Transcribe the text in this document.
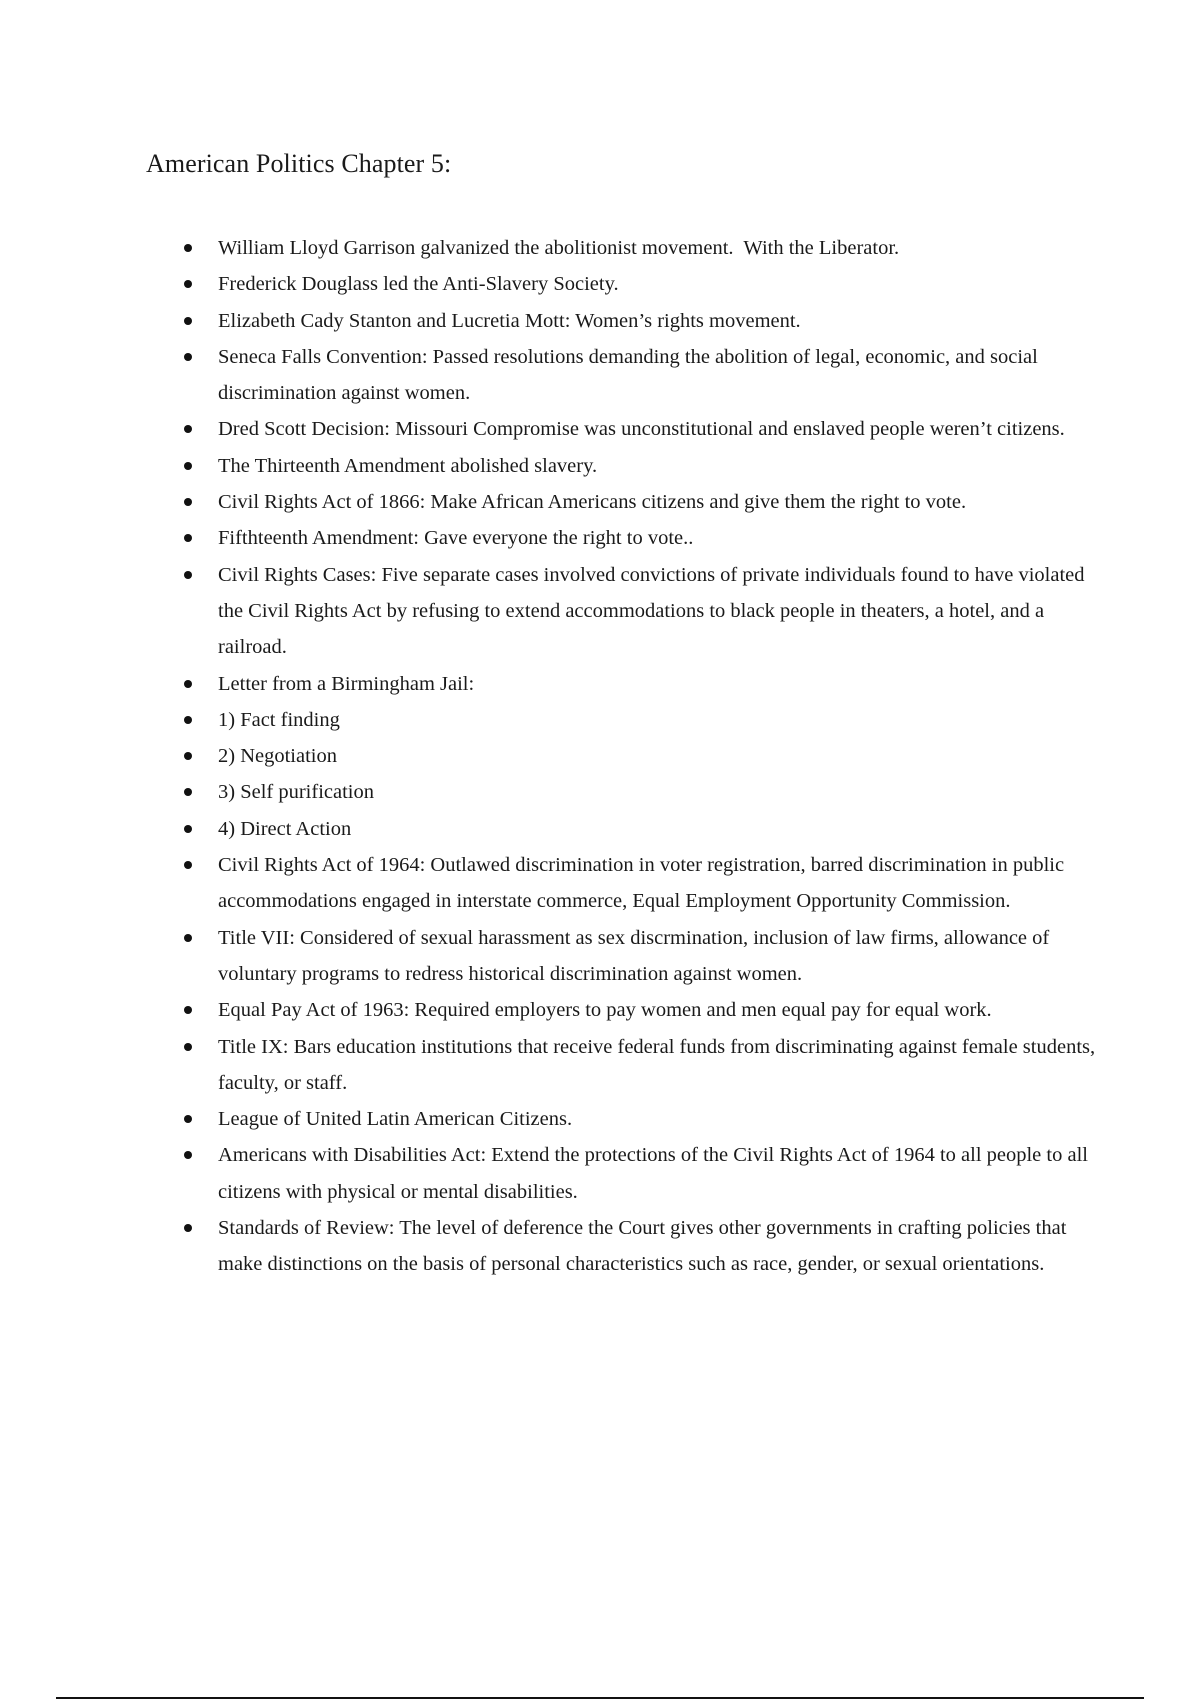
American Politics Chapter 5:
William Lloyd Garrison galvanized the abolitionist movement.  With the Liberator.
Frederick Douglass led the Anti-Slavery Society.
Elizabeth Cady Stanton and Lucretia Mott: Women’s rights movement.
Seneca Falls Convention: Passed resolutions demanding the abolition of legal, economic, and social discrimination against women.
Dred Scott Decision: Missouri Compromise was unconstitutional and enslaved people weren’t citizens.
The Thirteenth Amendment abolished slavery.
Civil Rights Act of 1866: Make African Americans citizens and give them the right to vote.
Fifthteenth Amendment: Gave everyone the right to vote..
Civil Rights Cases: Five separate cases involved convictions of private individuals found to have violated the Civil Rights Act by refusing to extend accommodations to black people in theaters, a hotel, and a railroad.
Letter from a Birmingham Jail:
1) Fact finding
2) Negotiation
3) Self purification
4) Direct Action
Civil Rights Act of 1964: Outlawed discrimination in voter registration, barred discrimination in public accommodations engaged in interstate commerce, Equal Employment Opportunity Commission.
Title VII: Considered of sexual harassment as sex discrmination, inclusion of law firms, allowance of voluntary programs to redress historical discrimination against women.
Equal Pay Act of 1963: Required employers to pay women and men equal pay for equal work.
Title IX: Bars education institutions that receive federal funds from discriminating against female students, faculty, or staff.
League of United Latin American Citizens.
Americans with Disabilities Act: Extend the protections of the Civil Rights Act of 1964 to all people to all citizens with physical or mental disabilities.
Standards of Review: The level of deference the Court gives other governments in crafting policies that make distinctions on the basis of personal characteristics such as race, gender, or sexual orientations.
